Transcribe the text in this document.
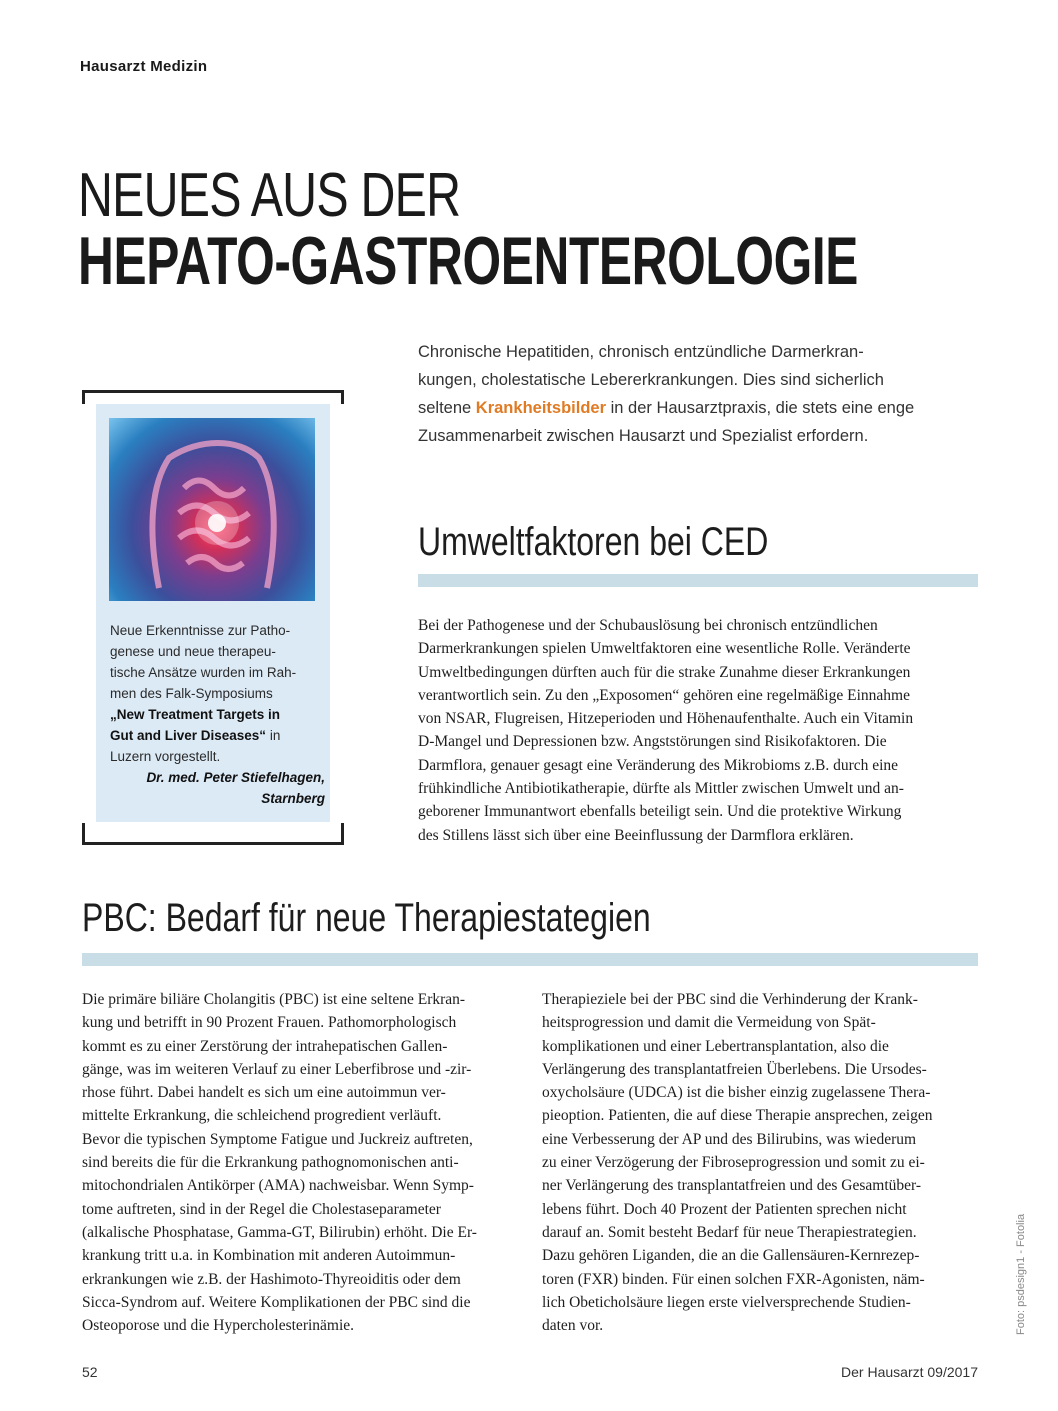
Hausarzt Medizin
NEUES AUS DER
HEPATO-GASTROENTEROLOGIE
Chronische Hepatitiden, chronisch entzündliche Darmerkran-
kungen, cholestatische Lebererkrankungen. Dies sind sicherlich
seltene Krankheitsbilder in der Hausarztpraxis, die stets eine enge
Zusammenarbeit zwischen Hausarzt und Spezialist erfordern.
Neue Erkenntnisse zur Patho-
genese und neue therapeu-
tische Ansätze wurden im Rah-
men des Falk-Symposiums
„New Treatment Targets in
Gut and Liver Diseases“ in
Luzern vorgestellt.
Dr. med. Peter Stiefelhagen,
Starnberg
Umweltfaktoren bei CED
Bei der Pathogenese und der Schubauslösung bei chronisch entzündlichen
Darmerkrankungen spielen Umweltfaktoren eine wesentliche Rolle. Veränderte
Umweltbedingungen dürften auch für die strake Zunahme dieser Erkrankungen
verantwortlich sein. Zu den „Exposomen“ gehören eine regelmäßige Einnahme
von NSAR, Flugreisen, Hitzeperioden und Höhenaufenthalte. Auch ein Vitamin
D-Mangel und Depressionen bzw. Angststörungen sind Risikofaktoren. Die
Darmflora, genauer gesagt eine Veränderung des Mikrobioms z.B. durch eine
frühkindliche Antibiotikatherapie, dürfte als Mittler zwischen Umwelt und an-
geborener Immunantwort ebenfalls beteiligt sein. Und die protektive Wirkung
des Stillens lässt sich über eine Beeinflussung der Darmflora erklären.
PBC: Bedarf für neue Therapiestategien
Die primäre biliäre Cholangitis (PBC) ist eine seltene Erkran-
kung und betrifft in 90 Prozent Frauen. Pathomorphologisch
kommt es zu einer Zerstörung der intrahepatischen Gallen-
gänge, was im weiteren Verlauf zu einer Leberfibrose und -zir-
rhose führt. Dabei handelt es sich um eine autoimmun ver-
mittelte Erkrankung, die schleichend progredient verläuft.
Bevor die typischen Symptome Fatigue und Juckreiz auftreten,
sind bereits die für die Erkrankung pathognomonischen anti-
mitochondrialen Antikörper (AMA) nachweisbar. Wenn Symp-
tome auftreten, sind in der Regel die Cholestaseparameter
(alkalische Phosphatase, Gamma-GT, Bilirubin) erhöht. Die Er-
krankung tritt u.a. in Kombination mit anderen Autoimmun-
erkrankungen wie z.B. der Hashimoto-Thyreoiditis oder dem
Sicca-Syndrom auf. Weitere Komplikationen der PBC sind die
Osteoporose und die Hypercholesterinämie.
Therapieziele bei der PBC sind die Verhinderung der Krank-
heitsprogression und damit die Vermeidung von Spät-
komplikationen und einer Lebertransplantation, also die
Verlängerung des transplantatfreien Überlebens. Die Ursodes-
oxycholsäure (UDCA) ist die bisher einzig zugelassene Thera-
pieoption. Patienten, die auf diese Therapie ansprechen, zeigen
eine Verbesserung der AP und des Bilirubins, was wiederum
zu einer Verzögerung der Fibroseprogression und somit zu ei-
ner Verlängerung des transplantatfreien und des Gesamtüber-
lebens führt. Doch 40 Prozent der Patienten sprechen nicht
darauf an. Somit besteht Bedarf für neue Therapiestrategien.
Dazu gehören Liganden, die an die Gallensäuren-Kernrezep-
toren (FXR) binden. Für einen solchen FXR-Agonisten, näm-
lich Obeticholsäure liegen erste vielversprechende Studien-
daten vor.	Foto: psdesign1 - Fotolia
52	Der Hausarzt 09/2017
